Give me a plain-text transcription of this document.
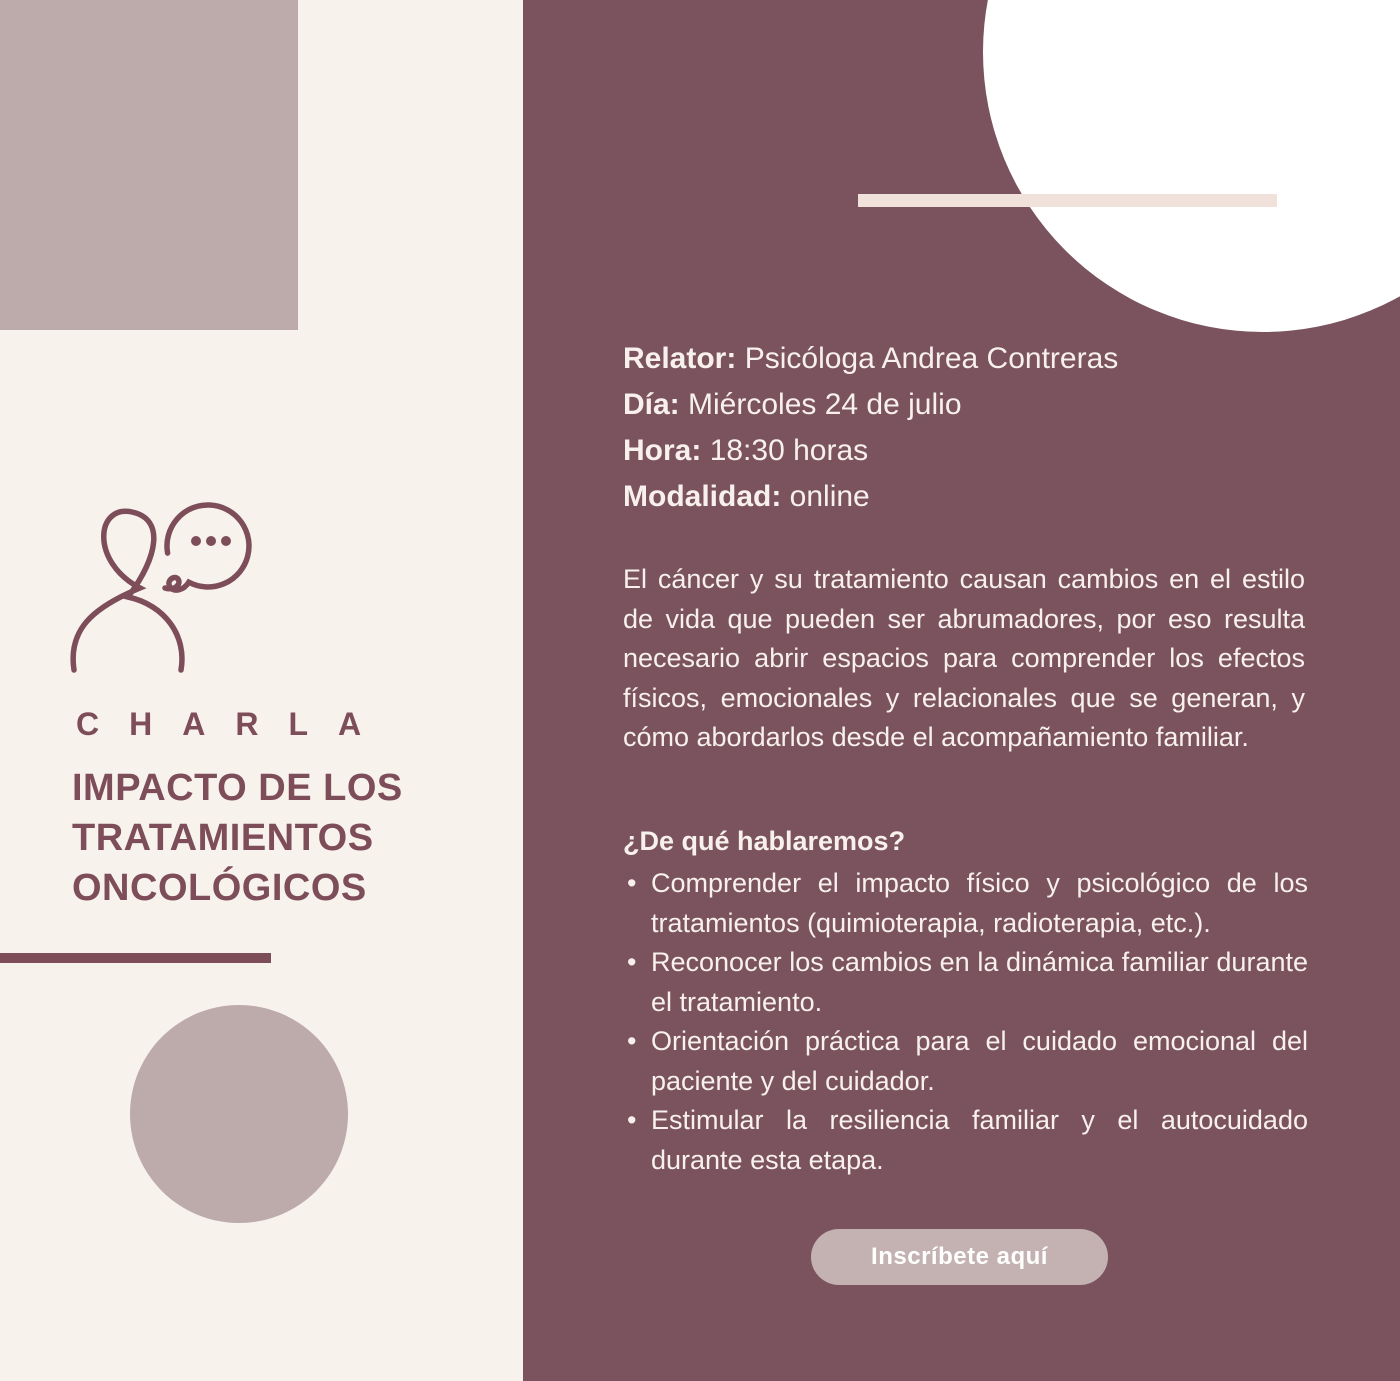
CHARLA
IMPACTO DE LOS
TRATAMIENTOS
ONCOLÓGICOS
Relator: Psicóloga Andrea Contreras
Día: Miércoles 24 de julio
Hora: 18:30 horas
Modalidad: online
El cáncer y su tratamiento causan cambios en el estilo de vida que pueden ser abrumadores, por eso resulta necesario abrir espacios para comprender los efectos físicos, emocionales y relacionales que se generan, y cómo abordarlos desde el acompañamiento familiar.
¿De qué hablaremos?
• Comprender el impacto físico y psicológico de los tratamientos (quimioterapia, radioterapia, etc.).
• Reconocer los cambios en la dinámica familiar durante el tratamiento.
• Orientación práctica para el cuidado emocional del paciente y del cuidador.
• Estimular la resiliencia familiar y el autocuidado durante esta etapa.
Inscríbete aquí
